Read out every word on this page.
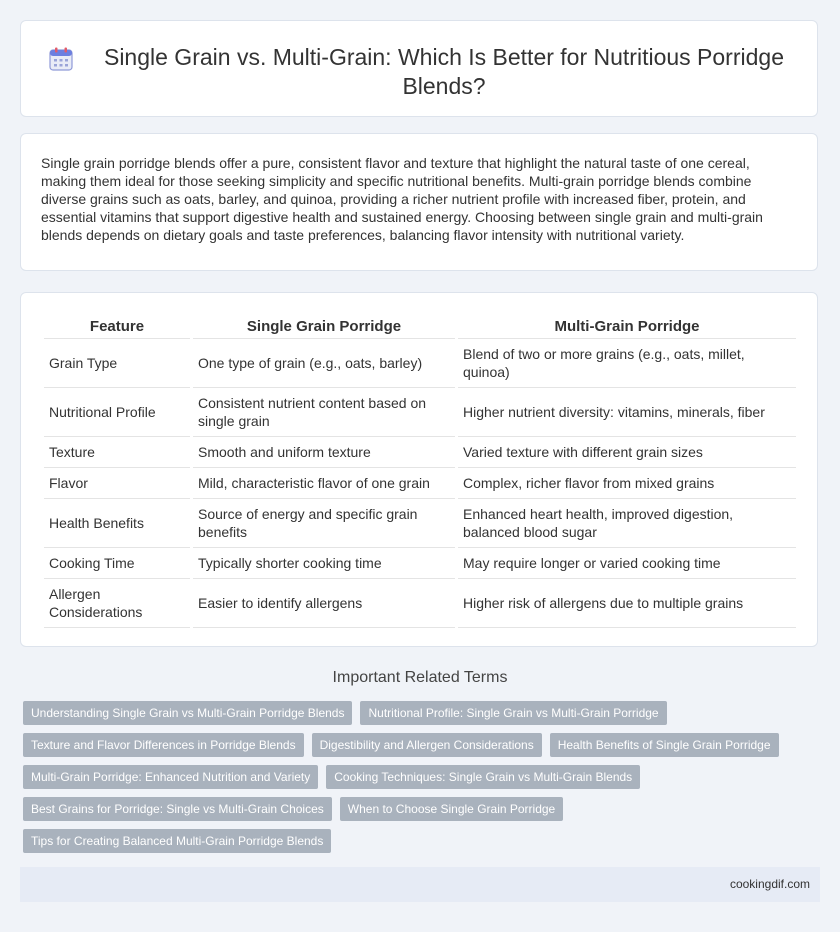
Single Grain vs. Multi-Grain: Which Is Better for Nutritious Porridge Blends?

Single grain porridge blends offer a pure, consistent flavor and texture that highlight the natural taste of one cereal, making them ideal for those seeking simplicity and specific nutritional benefits. Multi-grain porridge blends combine diverse grains such as oats, barley, and quinoa, providing a richer nutrient profile with increased fiber, protein, and essential vitamins that support digestive health and sustained energy. Choosing between single grain and multi-grain blends depends on dietary goals and taste preferences, balancing flavor intensity with nutritional variety.

Feature	Single Grain Porridge	Multi-Grain Porridge
Grain Type	One type of grain (e.g., oats, barley)	Blend of two or more grains (e.g., oats, millet, quinoa)
Nutritional Profile	Consistent nutrient content based on single grain	Higher nutrient diversity: vitamins, minerals, fiber
Texture	Smooth and uniform texture	Varied texture with different grain sizes
Flavor	Mild, characteristic flavor of one grain	Complex, richer flavor from mixed grains
Health Benefits	Source of energy and specific grain benefits	Enhanced heart health, improved digestion, balanced blood sugar
Cooking Time	Typically shorter cooking time	May require longer or varied cooking time
Allergen Considerations	Easier to identify allergens	Higher risk of allergens due to multiple grains
Important Related Terms
Understanding Single Grain vs Multi-Grain Porridge Blends	Nutritional Profile: Single Grain vs Multi-Grain Porridge
Texture and Flavor Differences in Porridge Blends	Digestibility and Allergen Considerations	Health Benefits of Single Grain Porridge
Multi-Grain Porridge: Enhanced Nutrition and Variety	Cooking Techniques: Single Grain vs Multi-Grain Blends
Best Grains for Porridge: Single vs Multi-Grain Choices	When to Choose Single Grain Porridge
Tips for Creating Balanced Multi-Grain Porridge Blends
cookingdif.com
